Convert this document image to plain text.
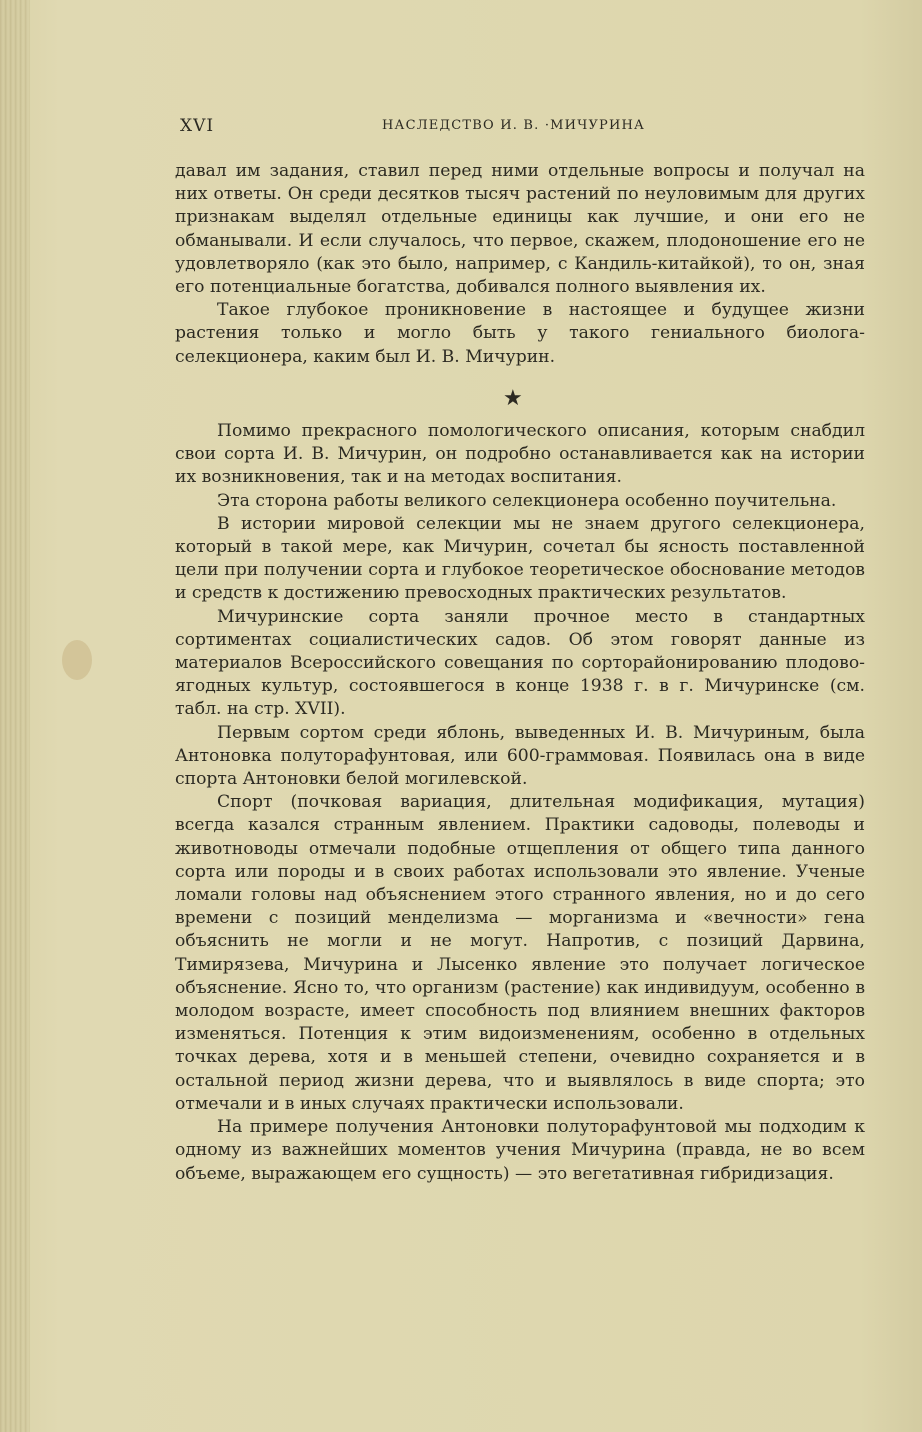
XVI	НАСЛЕДСТВО И. В. ·МИЧУРИНА

давал им задания, ставил перед ними отдельные вопросы и получал на них ответы. Он среди десятков тысяч растений по неуловимым для других признакам выделял отдельные единицы как лучшие, и они его не обманывали. И если случалось, что первое, скажем, плодоношение его не удовлетворяло (как это было, например, с Кандиль-китайкой), то он, зная его потенциальные богатства, добивался полного выявления их.

Такое глубокое проникновение в настоящее и будущее жизни растения только и могло быть у такого гениального биолога-селекционера, каким был И. В. Мичурин.

★

Помимо прекрасного помологического описания, которым снабдил свои сорта И. В. Мичурин, он подробно останавливается как на истории их возникновения, так и на методах воспитания.

Эта сторона работы великого селекционера особенно поучительна.

В истории мировой селекции мы не знаем другого селекционера, который в такой мере, как Мичурин, сочетал бы ясность поставленной цели при получении сорта и глубокое теоретическое обоснование методов и средств к достижению превосходных практических результатов.

Мичуринские сорта заняли прочное место в стандартных сортиментах социалистических садов. Об этом говорят данные из материалов Всероссийского совещания по сорторайонированию плодово-ягодных культур, состоявшегося в конце 1938 г. в г. Мичуринске (см. табл. на стр. XVII).

Первым сортом среди яблонь, выведенных И. В. Мичуриным, была Антоновка полуторафунтовая, или 600-граммовая. Появилась она в виде спорта Антоновки белой могилевской.

Спорт (почковая вариация, длительная модификация, мутация) всегда казался странным явлением. Практики садоводы, полеводы и животноводы отмечали подобные отщепления от общего типа данного сорта или породы и в своих работах использовали это явление. Ученые ломали головы над объяснением этого странного явления, но и до сего времени с позиций менделизма — морганизма и «вечности» гена объяснить не могли и не могут. Напротив, с позиций Дарвина, Тимирязева, Мичурина и Лысенко явление это получает логическое объяснение. Ясно то, что организм (растение) как индивидуум, особенно в молодом возрасте, имеет способность под влиянием внешних факторов изменяться. Потенция к этим видоизменениям, особенно в отдельных точках дерева, хотя и в меньшей степени, очевидно сохраняется и в остальной период жизни дерева, что и выявлялось в виде спорта; это отмечали и в иных случаях практически использовали.

На примере получения Антоновки полуторафунтовой мы подходим к одному из важнейших моментов учения Мичурина (правда, не во всем объеме, выражающем его сущность) — это вегетативная гибридизация.
